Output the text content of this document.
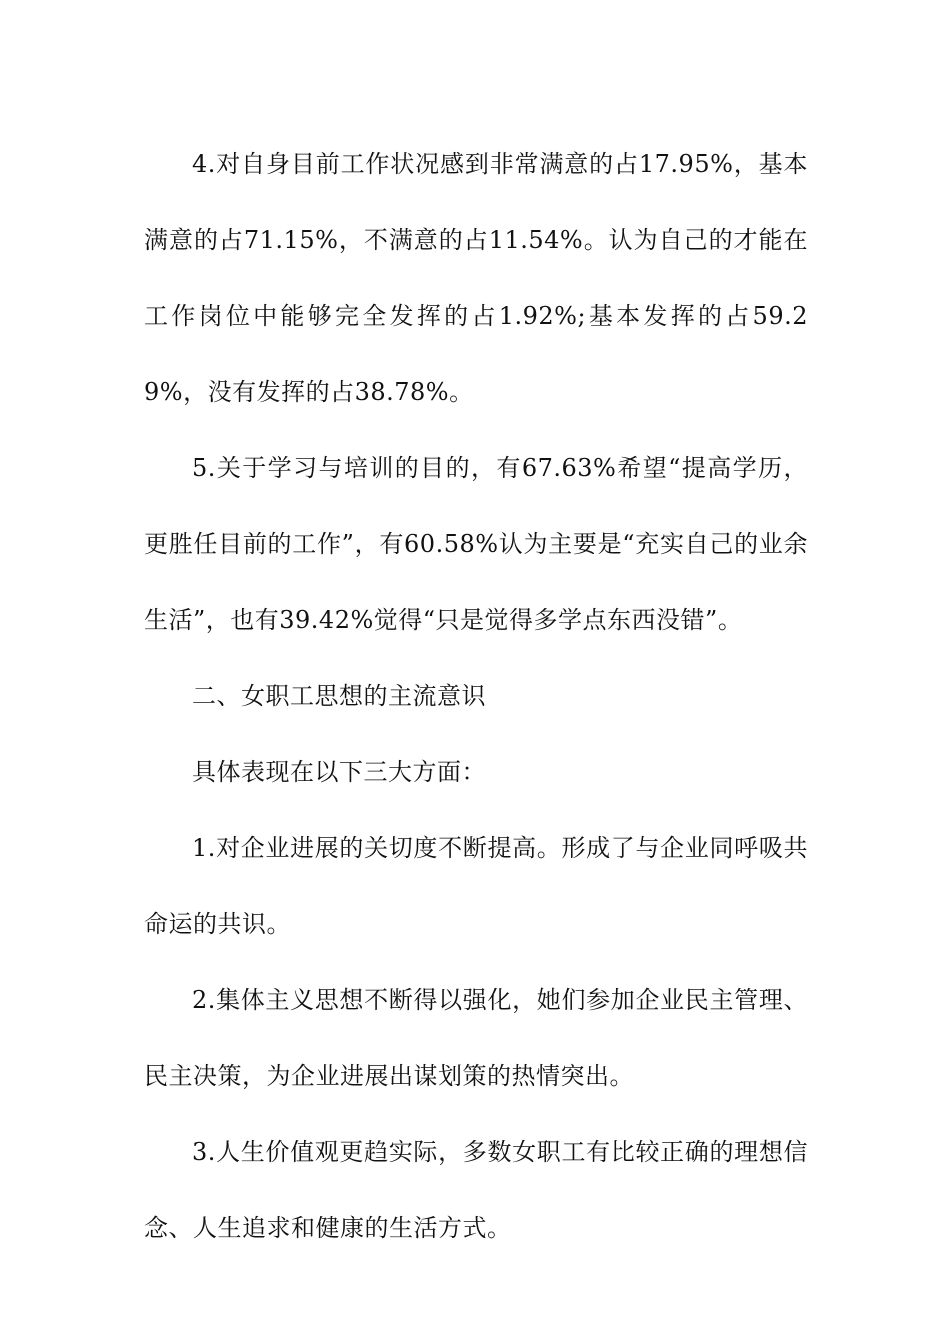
4.对自身目前工作状况感到非常满意的占17.95%，基本满意的占71.15%，不满意的占11.54%。认为自己的才能在工作岗位中能够完全发挥的占1.92%;基本发挥的占59.29%，没有发挥的占38.78%。

5.关于学习与培训的目的，有67.63%希望“提高学历，更胜任目前的工作”，有60.58%认为主要是“充实自己的业余生活”，也有39.42%觉得“只是觉得多学点东西没错”。

二、女职工思想的主流意识

具体表现在以下三大方面：

1.对企业进展的关切度不断提高。形成了与企业同呼吸共命运的共识。

2.集体主义思想不断得以强化，她们参加企业民主管理、民主决策，为企业进展出谋划策的热情突出。

3.人生价值观更趋实际，多数女职工有比较正确的理想信念、人生追求和健康的生活方式。
